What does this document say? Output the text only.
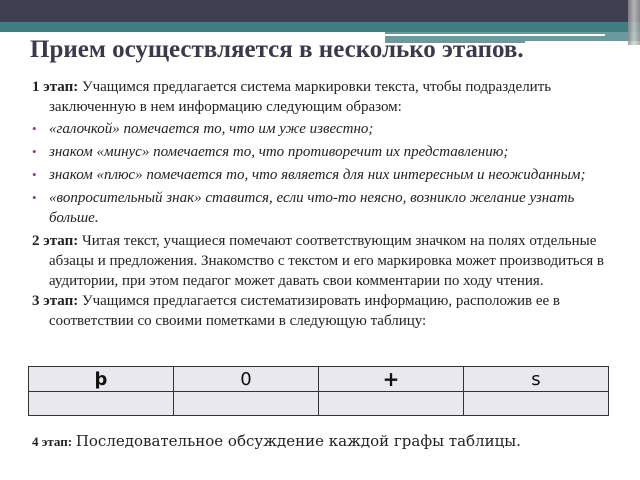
Прием осуществляется в несколько этапов.

1 этап: Учащимся предлагается система маркировки текста, чтобы подразделить заключенную в нем информацию следующим образом:

• «галочкой» помечается то, что им уже известно;
• знаком «минус» помечается то, что противоречит их представлению;
• знаком «плюс» помечается то, что является для них интересным и неожиданным;
• «вопросительный знак» ставится, если что-то неясно, возникло желание узнать больше.

2 этап: Читая текст, учащиеся помечают соответствующим значком на полях отдельные абзацы и предложения. Знакомство с текстом и его маркировка может производиться в аудитории, при этом педагог может давать свои комментарии по ходу чтения.

3 этап: Учащимся предлагается систематизировать информацию, расположив ее в соответствии со своими пометками в следующую таблицу:

þ	0	+	s

4 этап: Последовательное обсуждение каждой графы таблицы.
